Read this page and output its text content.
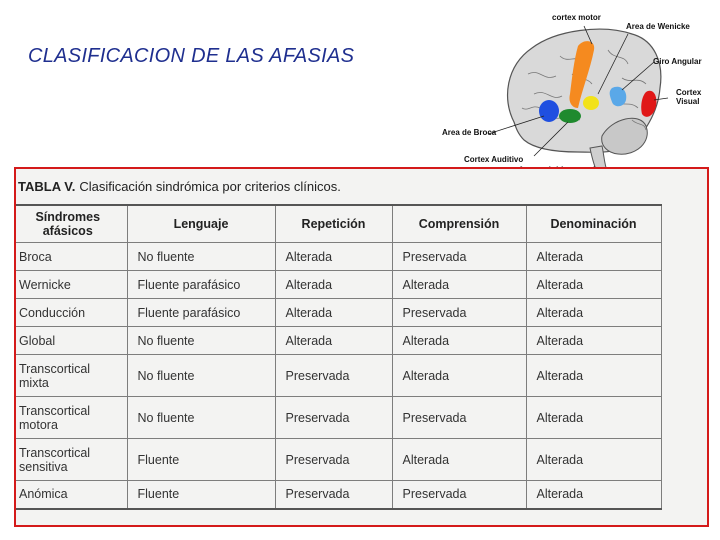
CLASIFICACION DE LAS AFASIAS
cortex motor
Area de Wenicke
Giro Angular
Cortex Visual
Area de Broca
Cortex Auditivo
TABLA V. Clasificación sindrómica por criterios clínicos.
Síndromes afásicos	Lenguaje	Repetición	Comprensión	Denominación
Broca	No fluente	Alterada	Preservada	Alterada
Wernicke	Fluente parafásico	Alterada	Alterada	Alterada
Conducción	Fluente parafásico	Alterada	Preservada	Alterada
Global	No fluente	Alterada	Alterada	Alterada
Transcortical mixta	No fluente	Preservada	Alterada	Alterada
Transcortical motora	No fluente	Preservada	Preservada	Alterada
Transcortical sensitiva	Fluente	Preservada	Alterada	Alterada
Anómica	Fluente	Preservada	Preservada	Alterada
